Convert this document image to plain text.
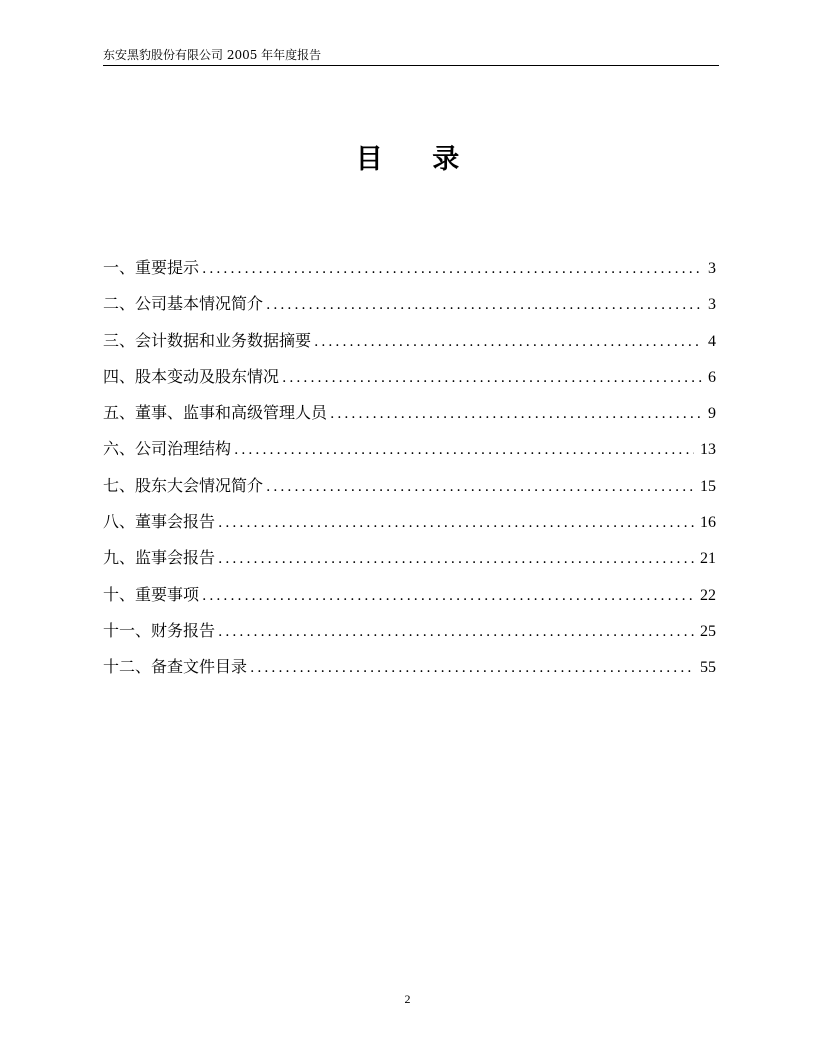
东安黑豹股份有限公司 2005 年年度报告
目 录
一、重要提示 .....	3
二、公司基本情况简介 .....	3
三、会计数据和业务数据摘要 .....	4
四、股本变动及股东情况 .....	6
五、董事、监事和高级管理人员 .....	9
六、公司治理结构 .....	13
七、股东大会情况简介 .....	15
八、董事会报告 .....	16
九、监事会报告 .....	21
十、重要事项 .....	22
十一、财务报告 .....	25
十二、备查文件目录 .....	55
2
